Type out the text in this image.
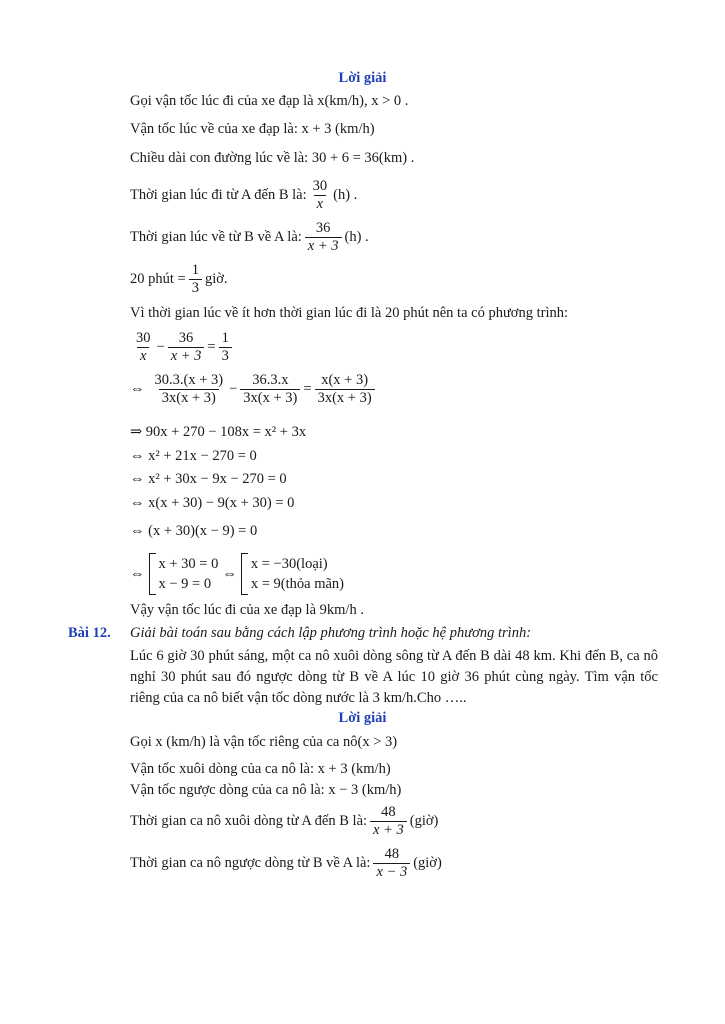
Lời giải
Gọi vận tốc lúc đi của xe đạp là x(km/h), x > 0 .
Vận tốc lúc về của xe đạp là: x + 3 (km/h)
Chiều dài con đường lúc về là: 30 + 6 = 36(km) .
Thời gian lúc đi từ A đến B là: $\frac{30}{x} (h)$ .
Thời gian lúc về từ B về A là: $\frac{36}{x + 3} (h)$ .
20 phút = $\frac{1}{3}$ giờ.
Vì thời gian lúc về ít hơn thời gian lúc đi là 20 phút nên ta có phương trình:
$\frac{30}{x} - \frac{36}{x + 3} = \frac{1}{3}$
⇔ $\frac{30.3.(x + 3)}{3x(x + 3)} - \frac{36.3.x}{3x(x + 3)} = \frac{x(x + 3)}{3x(x + 3)}$
⇒ 90x + 270 − 108x = x² + 3x
⇔ x² + 21x − 270 = 0
⇔ x² + 30x − 9x − 270 = 0
⇔ x(x + 30) − 9(x + 30) = 0
⇔ (x + 30)(x − 9) = 0
⇔
x + 30 = 0
x − 9 = 0
⇔
x = −30(loại)
x = 9(thỏa mãn)
Vậy vận tốc lúc đi của xe đạp là 9km/h .
Bài 12. Giải bài toán sau bằng cách lập phương trình hoặc hệ phương trình:
Lúc 6 giờ 30 phút sáng, một ca nô xuôi dòng sông từ A đến B dài 48 km. Khi đến B, ca nô nghỉ 30 phút sau đó ngược dòng từ B về A lúc 10 giờ 36 phút cùng ngày. Tìm vận tốc riêng của ca nô biết vận tốc dòng nước là 3 km/h.Cho …..
Lời giải
Gọi x (km/h) là vận tốc riêng của ca nô(x > 3)
Vận tốc xuôi dòng của ca nô là: x + 3 (km/h)
Vận tốc ngược dòng của ca nô là: x − 3 (km/h)
Thời gian ca nô xuôi dòng từ A đến B là: $\frac{48}{x + 3}$ (giờ)
Thời gian ca nô ngược dòng từ B về A là: $\frac{48}{x - 3}$ (giờ)
